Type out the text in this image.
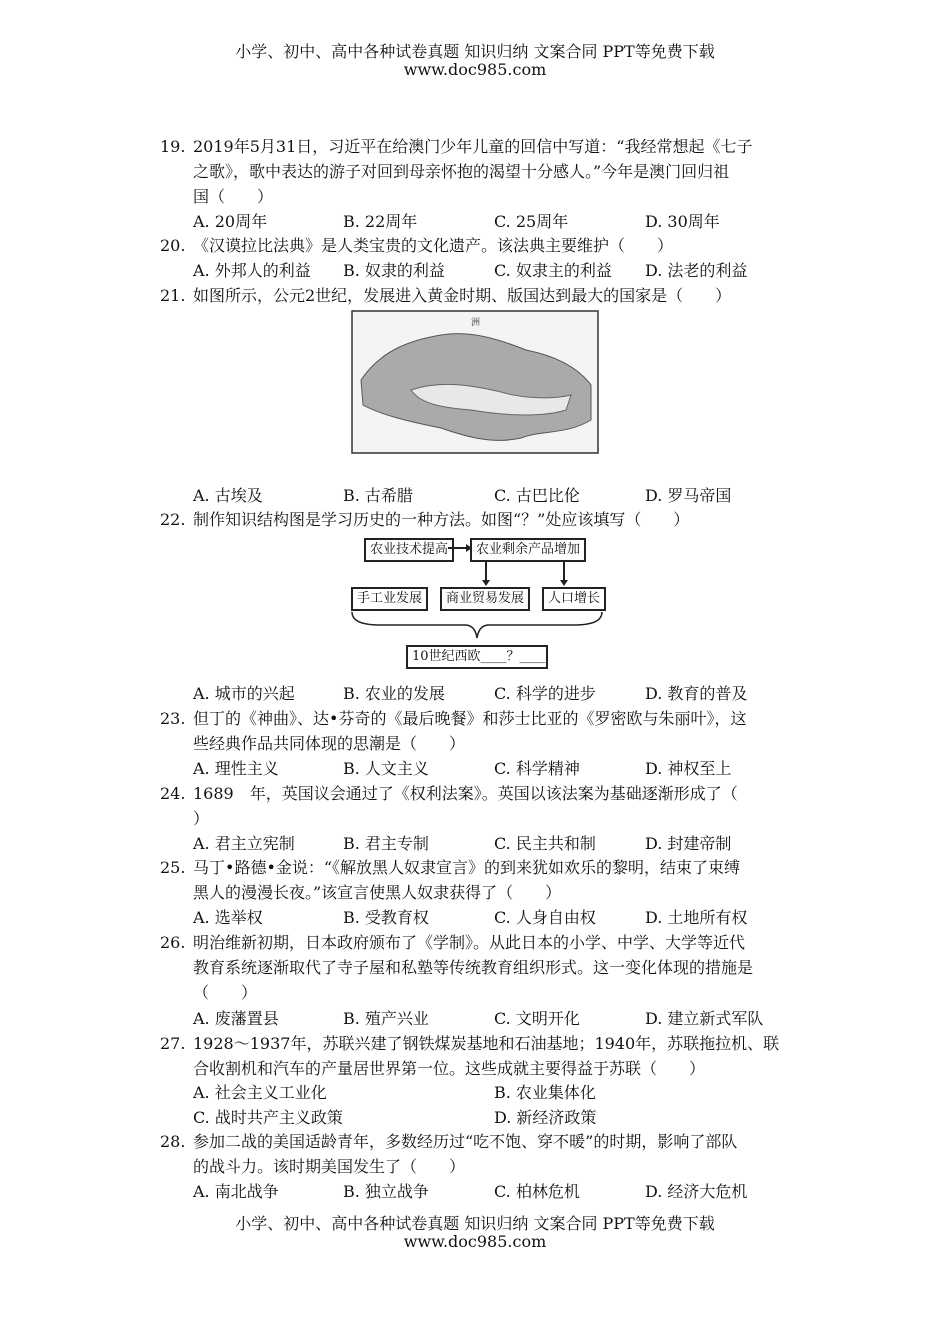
小学、初中、高中各种试卷真题 知识归纳 文案合同 PPT等免费下载
www.doc985.com
19. 2019年5月31日，习近平在给澳门少年儿童的回信中写道：“我经常想起《七子
之歌》，歌中表达的游子对回到母亲怀抱的渴望十分感人。”今年是澳门回归祖
国（　　）
A. 20周年	B. 22周年	C. 25周年	D. 30周年
20. 《汉谟拉比法典》是人类宝贵的文化遗产。该法典主要维护（　　）
A. 外邦人的利益 B. 奴隶的利益	C. 奴隶主的利益 D. 法老的利益
21. 如图所示，公元2世纪，发展进入黄金时期、版国达到最大的国家是（　　）
A. 古埃及	B. 古希腊	C. 古巴比伦	D. 罗马帝国
22. 制作知识结构图是学习历史的一种方法。如图“？”处应该填写（　　）
A. 城市的兴起	B. 农业的发展	C. 科学的进步	D. 教育的普及
23. 但丁的《神曲》、达•芬奇的《最后晚餐》和莎士比亚的《罗密欧与朱丽叶》，这
些经典作品共同体现的思潮是（　　）
A. 理性主义	B. 人文主义	C. 科学精神	D. 神权至上
24. 1689　年，英国议会通过了《权利法案》。英国以该法案为基础逐渐形成了（
）
A. 君主立宪制	B. 君主专制	C. 民主共和制	D. 封建帝制
25. 马丁•路德•金说：“《解放黑人奴隶宣言》的到来犹如欢乐的黎明，结束了束缚
黑人的漫漫长夜。”该宣言使黑人奴隶获得了（　　）
A. 选举权	B. 受教育权	C. 人身自由权	D. 土地所有权
26. 明治维新初期，日本政府颁布了《学制》。从此日本的小学、中学、大学等近代
教育系统逐渐取代了寺子屋和私塾等传统教育组织形式。这一变化体现的措施是
（　　）
A. 废藩置县	B. 殖产兴业	C. 文明开化	D. 建立新式军队
27. 1928～1937年，苏联兴建了钢铁煤炭基地和石油基地；1940年，苏联拖拉机、联
合收割机和汽车的产量居世界第一位。这些成就主要得益于苏联（　　）
A. 社会主义工业化	B. 农业集体化
C. 战时共产主义政策	D. 新经济政策
28. 参加二战的美国适龄青年，多数经历过“吃不饱、穿不暖”的时期，影响了部队
的战斗力。该时期美国发生了（　　）
A. 南北战争	B. 独立战争	C. 柏林危机	D. 经济大危机
洲
农业技术提高	农业剩余产品增加
手工业发展	商业贸易发展	人口增长
10世纪西欧____？____
小学、初中、高中各种试卷真题 知识归纳 文案合同 PPT等免费下载
www.doc985.com
